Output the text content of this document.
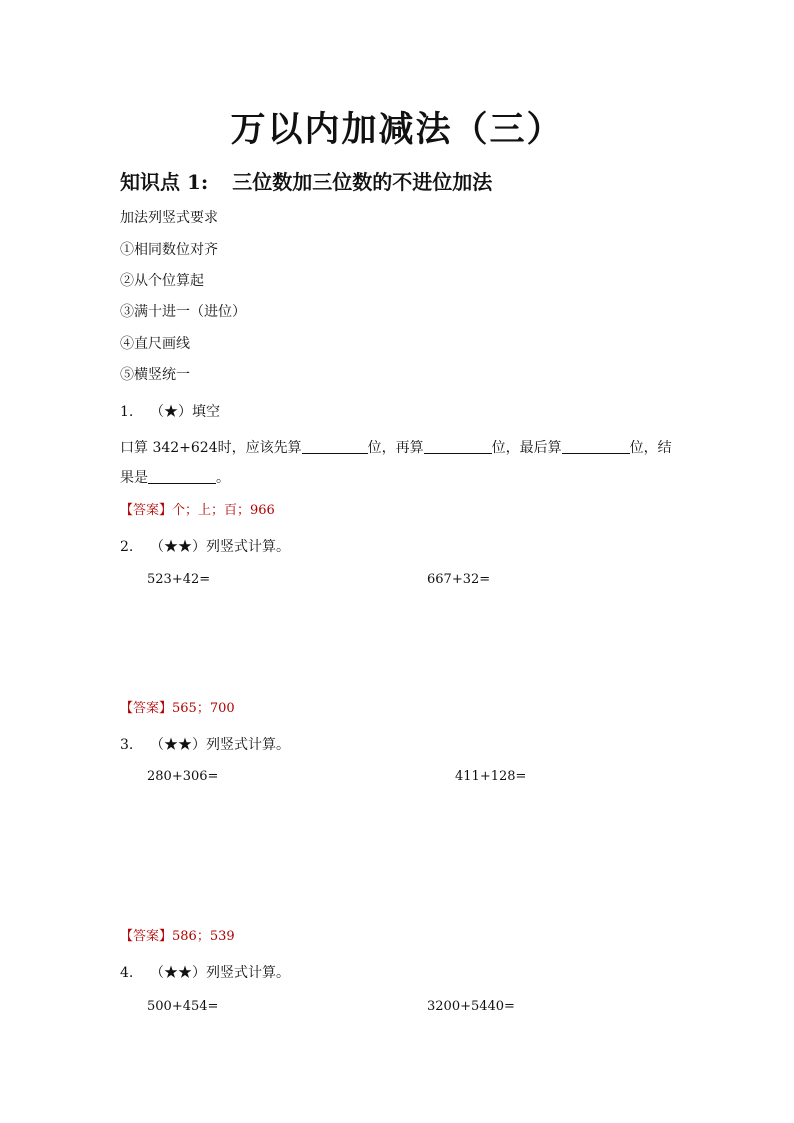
万以内加减法（三）
知识点 1: 三位数加三位数的不进位加法
加法列竖式要求
①相同数位对齐
②从个位算起
③满十进一（进位）
④直尺画线
⑤横竖统一
1. （★）填空
口算 342+624时，应该先算	位，再算	位，最后算	位，结
果是	。
【答案】个；上；百；966
2. （★★）列竖式计算。
523+42=	667+32=
【答案】565；700
3. （★★）列竖式计算。
280+306=	411+128=
【答案】586；539
4. （★★）列竖式计算。
500+454=	3200+5440=
